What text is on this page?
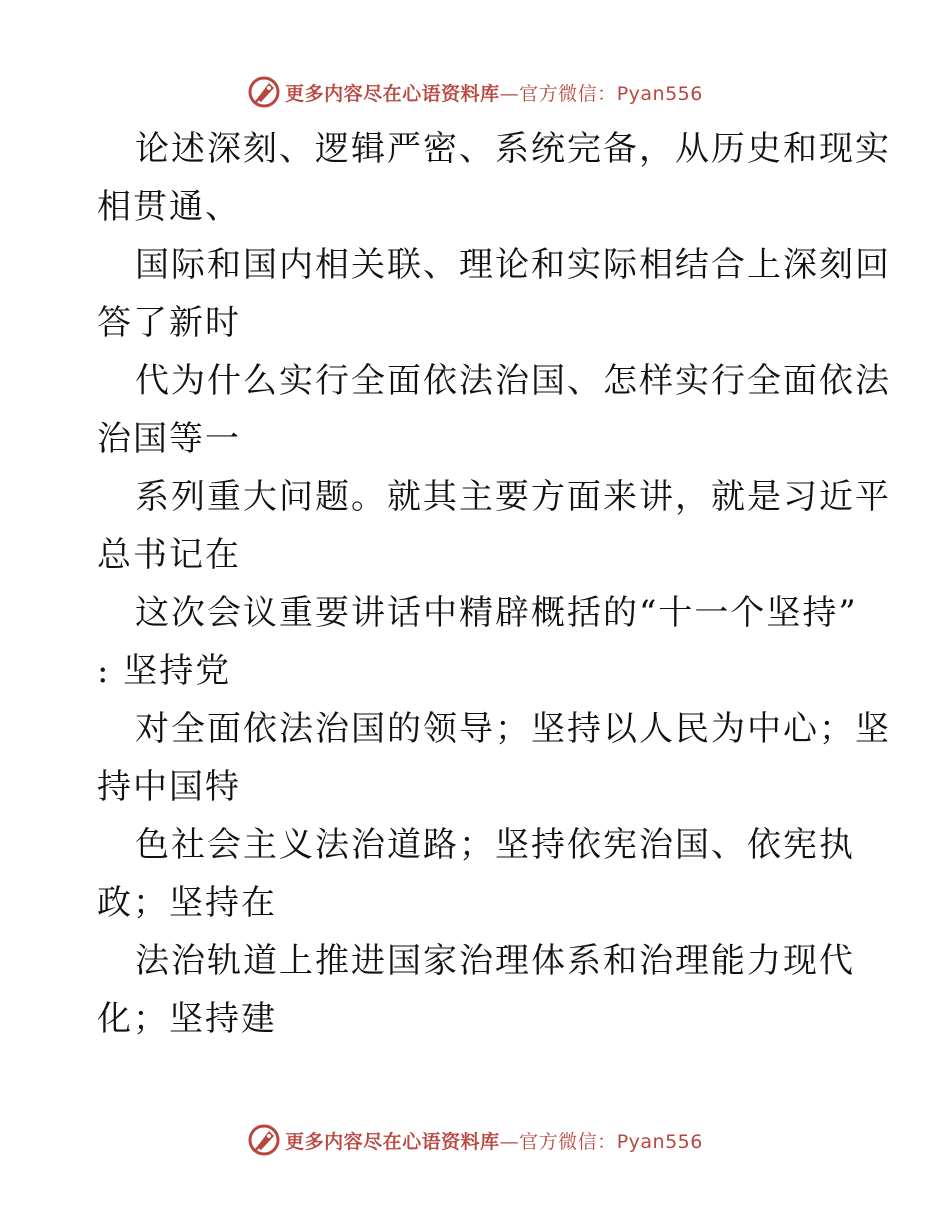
更多内容尽在心语资料库—官方微信：Pyan556
论述深刻、逻辑严密、系统完备，从历史和现实
相贯通、
国际和国内相关联、理论和实际相结合上深刻回
答了新时
代为什么实行全面依法治国、怎样实行全面依法
治国等一
系列重大问题。就其主要方面来讲，就是习近平
总书记在
这次会议重要讲话中精辟概括的“十一个坚持”
: 坚持党
对全面依法治国的领导；坚持以人民为中心；坚
持中国特
色社会主义法治道路；坚持依宪治国、依宪执
政；坚持在
法治轨道上推进国家治理体系和治理能力现代
化；坚持建
更多内容尽在心语资料库—官方微信：Pyan556
